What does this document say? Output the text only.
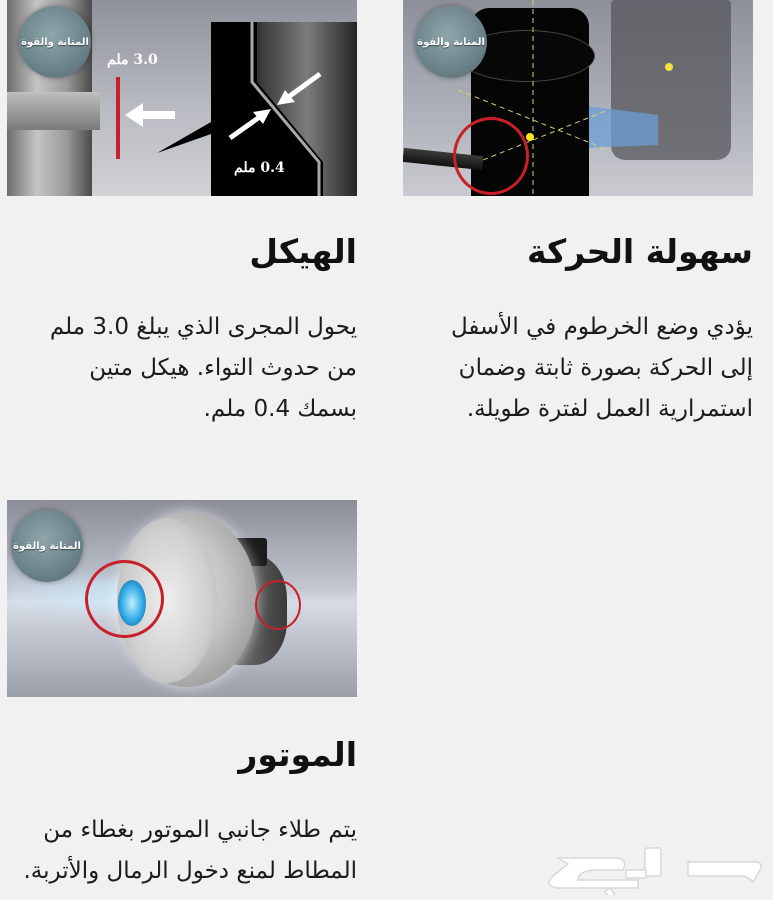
3.0 ملم
0.4 ملم
المتانة والقوة	المتانة والقوة
الهيكل
يحول المجرى الذي يبلغ 3.0 ملم
من حدوث التواء. هيكل متين
بسمك 0.4 ملم.
سهولة الحركة
يؤدي وضع الخرطوم في الأسفل
إلى الحركة بصورة ثابتة وضمان
استمرارية العمل لفترة طويلة.
المتانة والقوة
الموتور
يتم طلاء جانبي الموتور بغطاء من
المطاط لمنع دخول الرمال والأتربة.
